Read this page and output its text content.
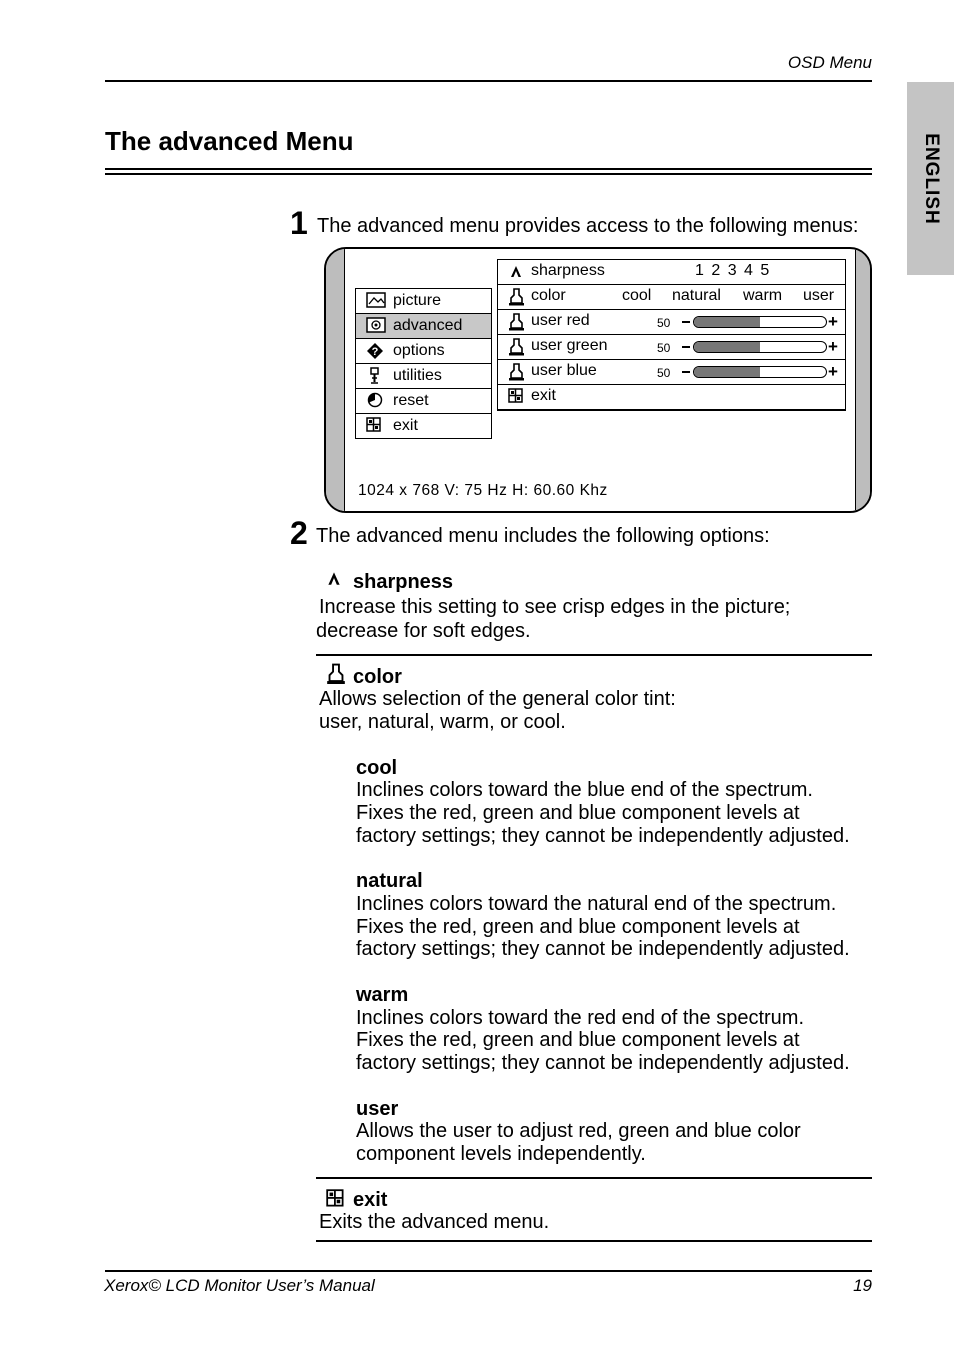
OSD Menu
ENGLISH
The advanced Menu
1 The advanced menu provides access to the following menus:
picture
advanced
? options
utilities
reset
exit
sharpness	1 2 3 4 5
color	cool natural warm user
user red	50	+
user green	50	+
user blue	50	+
exit
1024 x 768 V: 75 Hz H: 60.60 Khz
2 The advanced menu includes the following options:
sharpness
Increase this setting to see crisp edges in the picture;
decrease for soft edges.
color
Allows selection of the general color tint:
user, natural, warm, or cool.
cool
Inclines colors toward the blue end of the spectrum.
Fixes the red, green and blue component levels at
factory settings; they cannot be independently adjusted.
natural
Inclines colors toward the natural end of the spectrum.
Fixes the red, green and blue component levels at
factory settings; they cannot be independently adjusted.
warm
Inclines colors toward the red end of the spectrum.
Fixes the red, green and blue component levels at
factory settings; they cannot be independently adjusted.
user
Allows the user to adjust red, green and blue color
component levels independently.
exit
Exits the advanced menu.
Xerox© LCD Monitor User’s Manual	19
